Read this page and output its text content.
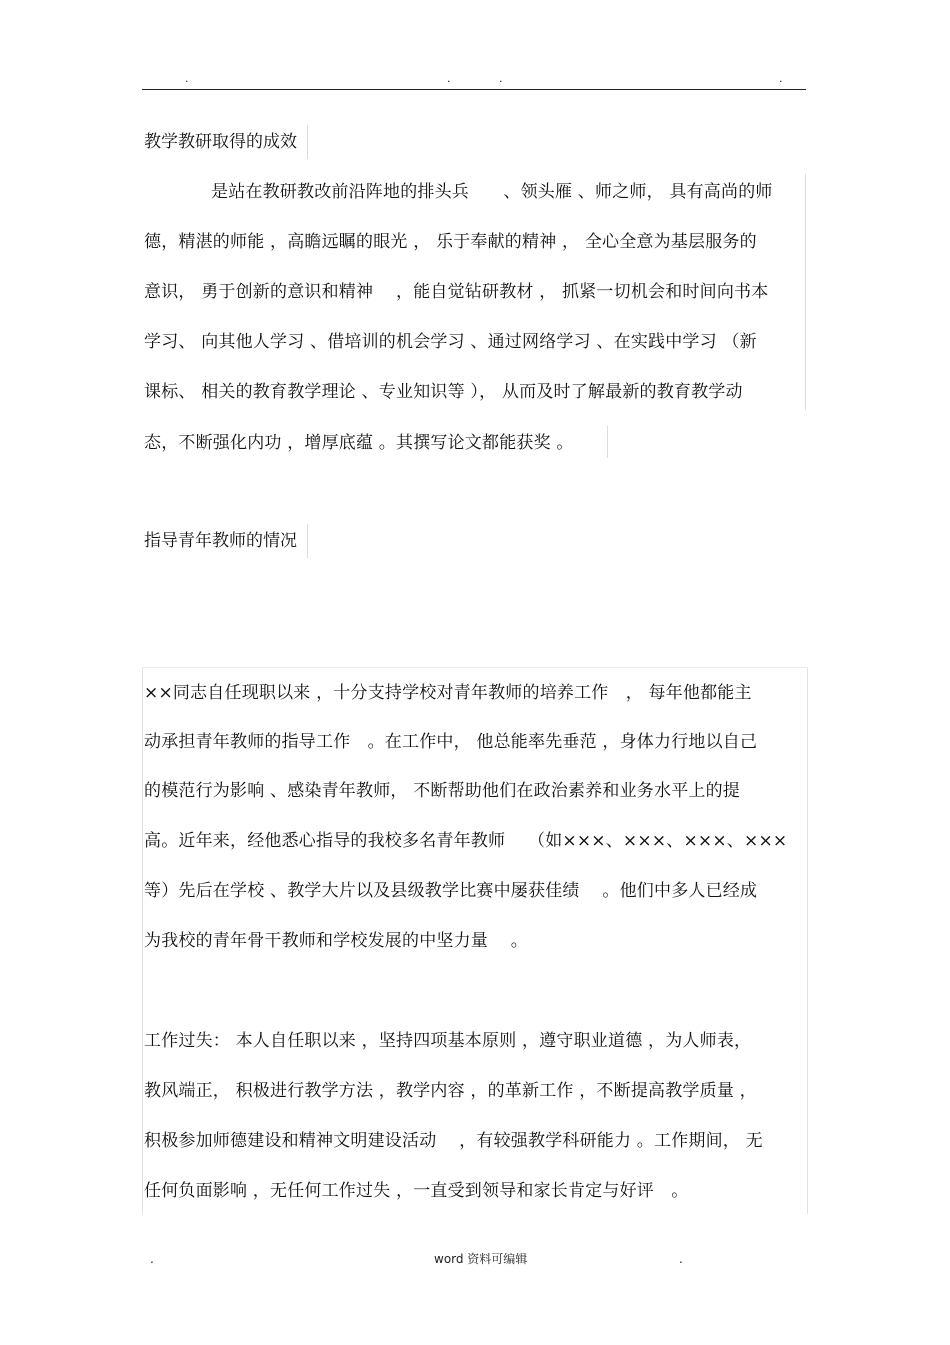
.	.	.	.
教学教研取得的成效
是站在教研教改前沿阵地的排头兵　　、领头雁 、师之师， 具有高尚的师
德，精湛的师能 ，高瞻远瞩的眼光 ， 乐于奉献的精神 ， 全心全意为基层服务的
意识， 勇于创新的意识和精神　 ，能自觉钻研教材 ， 抓紧一切机会和时间向书本
学习、 向其他人学习 、借培训的机会学习 、通过网络学习 、在实践中学习 （新
课标、 相关的教育教学理论 、专业知识等 ）， 从而及时了解最新的教育教学动
态，不断强化内功 ，增厚底蕴 。其撰写论文都能获奖 。
指导青年教师的情况
××同志自任现职以来 ，十分支持学校对青年教师的培养工作　， 每年他都能主
动承担青年教师的指导工作　。在工作中， 他总能率先垂范 ，身体力行地以自己
的模范行为影响 、感染青年教师， 不断帮助他们在政治素养和业务水平上的提
高。近年来，经他悉心指导的我校多名青年教师　 （如×××、×××、×××、×××
等）先后在学校 、教学大片以及县级教学比赛中屡获佳绩　 。他们中多人已经成
为我校的青年骨干教师和学校发展的中坚力量　 。
工作过失： 本人自任职以来 ，坚持四项基本原则 ，遵守职业道德 ，为人师表，
教风端正， 积极进行教学方法 ，教学内容 ，的革新工作 ，不断提高教学质量 ，
积极参加师德建设和精神文明建设活动　 ，有较强教学科研能力 。工作期间， 无
任何负面影响 ，无任何工作过失 ，一直受到领导和家长肯定与好评　。
.	word 资料可编辑	.
